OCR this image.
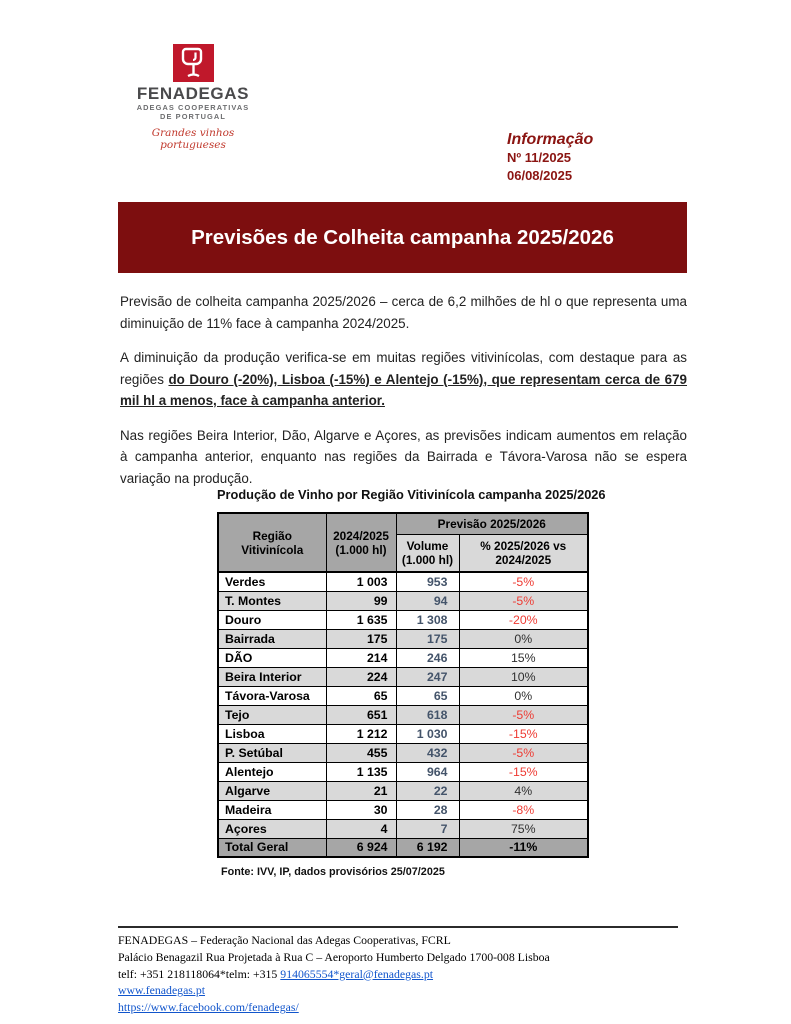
FENADEGAS
ADEGAS COOPERATIVAS
DE PORTUGAL
Grandes vinhos portugueses	Informação
Nº 11/2025
06/08/2025
Previsões de Colheita campanha 2025/2026

Previsão de colheita campanha 2025/2026 – cerca de 6,2 milhões de hl o que representa uma diminuição de 11% face à campanha 2024/2025.

A diminuição da produção verifica-se em muitas regiões vitivinícolas, com destaque para as regiões do Douro (-20%), Lisboa (-15%) e Alentejo (-15%), que representam cerca de 679 mil hl a menos, face à campanha anterior.

Nas regiões Beira Interior, Dão, Algarve e Açores, as previsões indicam aumentos em relação à campanha anterior, enquanto nas regiões da Bairrada e Távora-Varosa não se espera variação na produção.

Produção de Vinho por Região Vitivinícola campanha 2025/2026
Região Vitivinícola	2024/2025 (1.000 hl)	Previsão 2025/2026	
		Volume (1.000 hl)	% 2025/2026 vs 2024/2025
Verdes	1 003	953	-5%
T. Montes	99	94	-5%
Douro	1 635	1 308	-20%
Bairrada	175	175	0%
DÃO	214	246	15%
Beira Interior	224	247	10%
Távora-Varosa	65	65	0%
Tejo	651	618	-5%
Lisboa	1 212	1 030	-15%
P. Setúbal	455	432	-5%
Alentejo	1 135	964	-15%
Algarve	21	22	4%
Madeira	30	28	-8%
Açores	4	7	75%
Total Geral	6 924	6 192	-11%
Fonte: IVV, IP, dados provisórios 25/07/2025
FENADEGAS – Federação Nacional das Adegas Cooperativas, FCRL
Palácio Benagazil Rua Projetada à Rua C – Aeroporto Humberto Delgado 1700-008 Lisboa
telf: +351 218118064*telm: +315 914065554*geral@fenadegas.pt
www.fenadegas.pt
https://www.facebook.com/fenadegas/
